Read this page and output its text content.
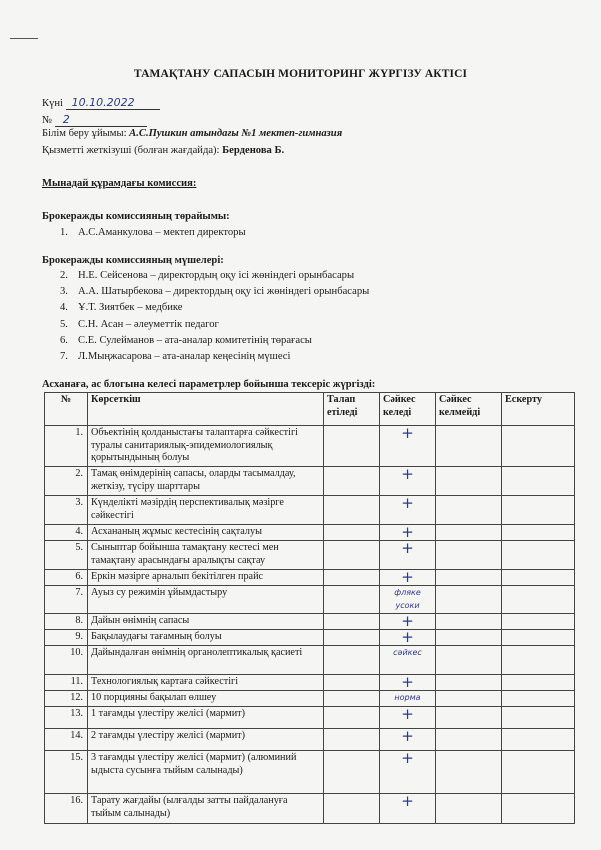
ТАМАҚТАНУ САПАСЫН МОНИТОРИНГ ЖҮРГІЗУ АКТІСІ
Күні 10.10.2022
№ 2
Білім беру ұйымы: А.С.Пушкин атындағы №1 мектеп-гимназия
Қызметті жеткізуші (болған жағдайда): Берденова Б.
Мынадай құрамдағы комиссия:
Брокеражды комиссияның төрайымы:
1. А.С.Аманкулова – мектеп директоры
Брокеражды комиссияның мүшелері:
2. Н.Е. Сейсенова – директордың оқу ісі жөніндегі орынбасары
3. А.А. Шатырбекова – директордың оқу ісі жөніндегі орынбасары
4. Ұ.Т. Зиятбек – медбике
5. С.Н. Асан – әлеуметтік педагог
6. С.Е. Сулейманов – ата-аналар комитетінің төрағасы
7. Л.Мыңжасарова – ата-аналар кеңесінің мүшесі
Асханаға, ас блогына келесі параметрлер бойынша тексеріс жүргізді:
№	Көрсеткіш	Талап етіледі	Сәйкес келеді	Сәйкес келмейді	Ескерту
1.	Объектінің қолданыстағы талаптарға сәйкестігі туралы санитариялық-эпидемиологиялық қорытындының болуы		+		
2.	Тамақ өнімдерінің сапасы, оларды тасымалдау, жеткізу, түсіру шарттары		+		
3.	Күнделікті мәзірдің перспективалық мәзірге сәйкестігі		+		
4.	Асхананың жұмыс кестесінің сақталуы		+		
5.	Сыныптар бойынша тамақтану кестесі мен тамақтану арасындағы аралықты сақтау		+		
6.	Еркін мәзірге арналып бекітілген прайс		+		
7.	Ауыз су режимін ұйымдастыру		фляке усоки		
8.	Дайын өнімнің сапасы		+		
9.	Бақылаудағы тағамның болуы		+		
10.	Дайындалған өнімнің органолептикалық қасиеті		сәйкес		
11.	Технологиялық картаға сәйкестігі		+		
12.	10 порцияны бақылап өлшеу		норма		
13.	1 тағамды үлестіру желісі (мармит)		+		
14.	2 тағамды үлестіру желісі (мармит)		+		
15.	3 тағамды үлестіру желісі (мармит) (алюминий ыдыста сусынға тыйым салынады)		+		
16.	Тарату жағдайы (ылғалды затты пайдалануға тыйым салынады)		+		
